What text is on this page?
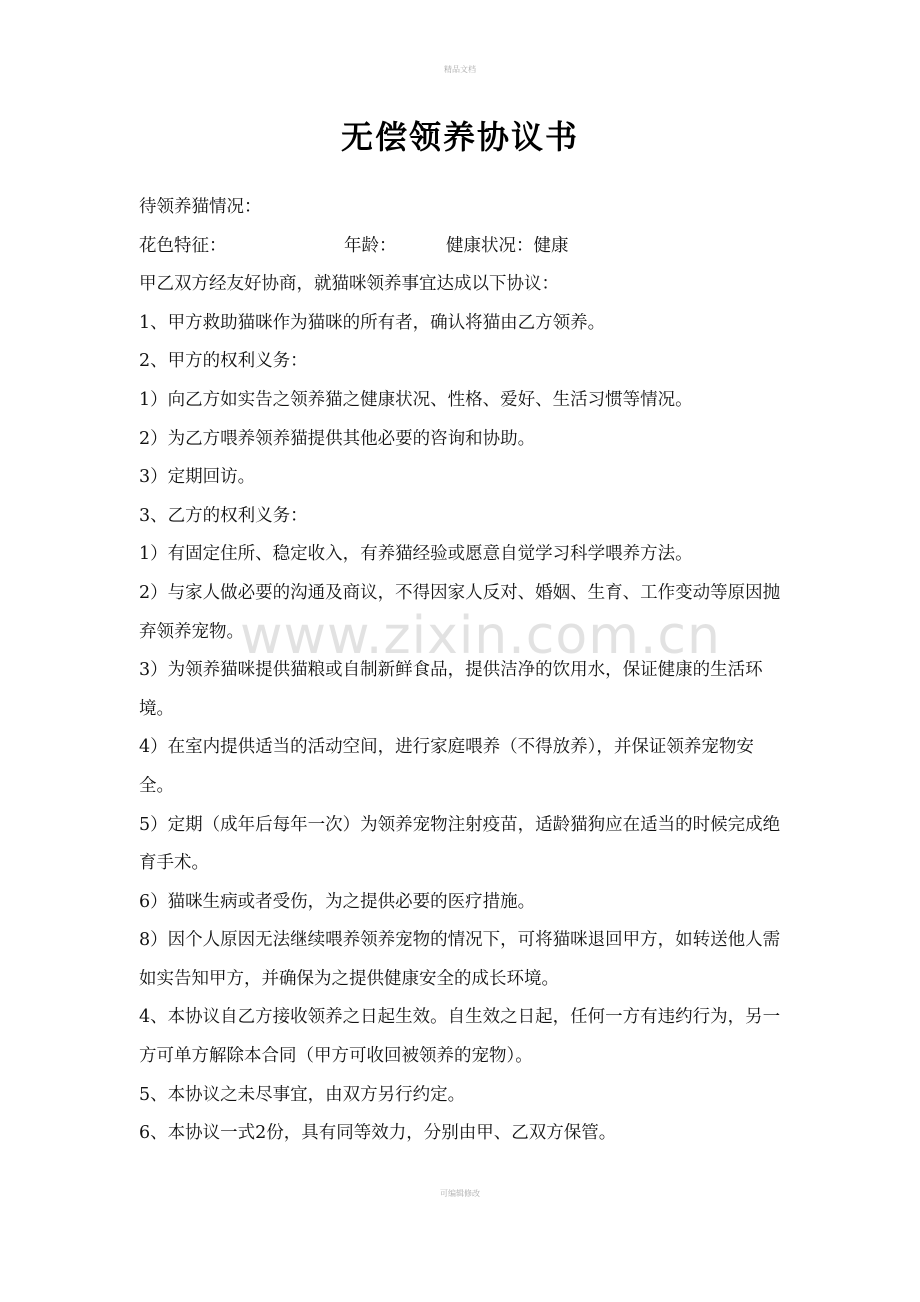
精品文档
无偿领养协议书
待领养猫情况：
花色特征：	年龄：	健康状况：健康
甲乙双方经友好协商，就猫咪领养事宜达成以下协议：
1、甲方救助猫咪作为猫咪的所有者，确认将猫由乙方领养。
2、甲方的权利义务：
1）向乙方如实告之领养猫之健康状况、性格、爱好、生活习惯等情况。
2）为乙方喂养领养猫提供其他必要的咨询和协助。
3）定期回访。
3、乙方的权利义务：
1）有固定住所、稳定收入，有养猫经验或愿意自觉学习科学喂养方法。
2）与家人做必要的沟通及商议，不得因家人反对、婚姻、生育、工作变动等原因抛弃领养宠物。
3）为领养猫咪提供猫粮或自制新鲜食品，提供洁净的饮用水，保证健康的生活环境。
4）在室内提供适当的活动空间，进行家庭喂养（不得放养），并保证领养宠物安全。
5）定期（成年后每年一次）为领养宠物注射疫苗，适龄猫狗应在适当的时候完成绝育手术。
6）猫咪生病或者受伤，为之提供必要的医疗措施。
8）因个人原因无法继续喂养领养宠物的情况下，可将猫咪退回甲方，如转送他人需如实告知甲方，并确保为之提供健康安全的成长环境。
4、本协议自乙方接收领养之日起生效。自生效之日起，任何一方有违约行为，另一方可单方解除本合同（甲方可收回被领养的宠物）。
5、本协议之未尽事宜，由双方另行约定。
6、本协议一式2份，具有同等效力，分别由甲、乙双方保管。
www.zixin.com.cn
可编辑修改
